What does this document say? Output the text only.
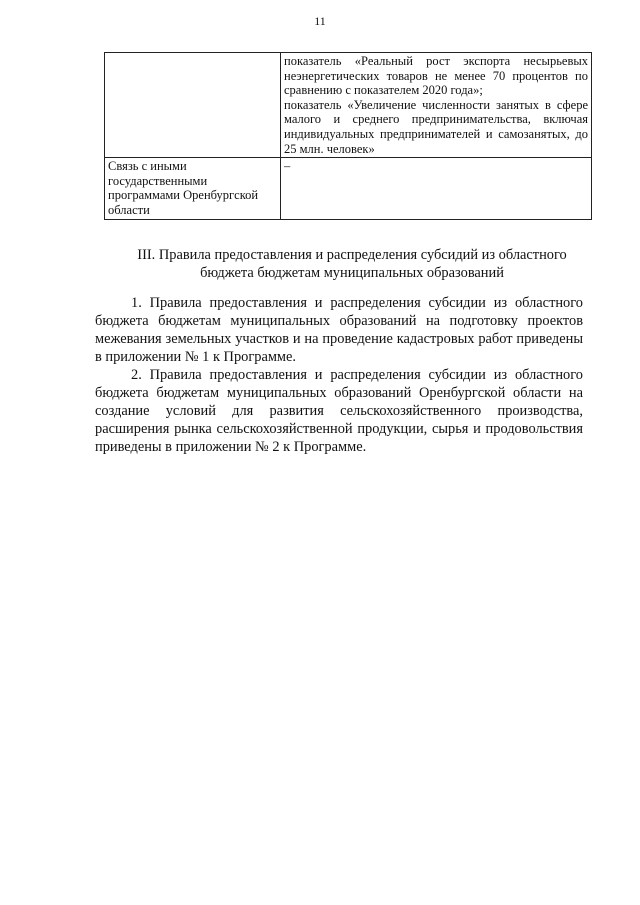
11

	показатель «Реальный рост экспорта несырьевых неэнергетических товаров не менее 70 процентов по сравнению с показателем 2020 года»;
показатель «Увеличение численности занятых в сфере малого и среднего предпринимательства, включая индивидуальных предпринимателей и самозанятых, до 25 млн. человек»

Связь с иными государственными программами Оренбургской области	–
III. Правила предоставления и распределения субсидий из областного бюджета бюджетам муниципальных образований

1. Правила предоставления и распределения субсидии из областного бюджета бюджетам муниципальных образований на подготовку проектов межевания земельных участков и на проведение кадастровых работ приведены в приложении № 1 к Программе.

2. Правила предоставления и распределения субсидии из областного бюджета бюджетам муниципальных образований Оренбургской области на создание условий для развития сельскохозяйственного производства, расширения рынка сельскохозяйственной продукции, сырья и продовольствия приведены в приложении № 2 к Программе.
